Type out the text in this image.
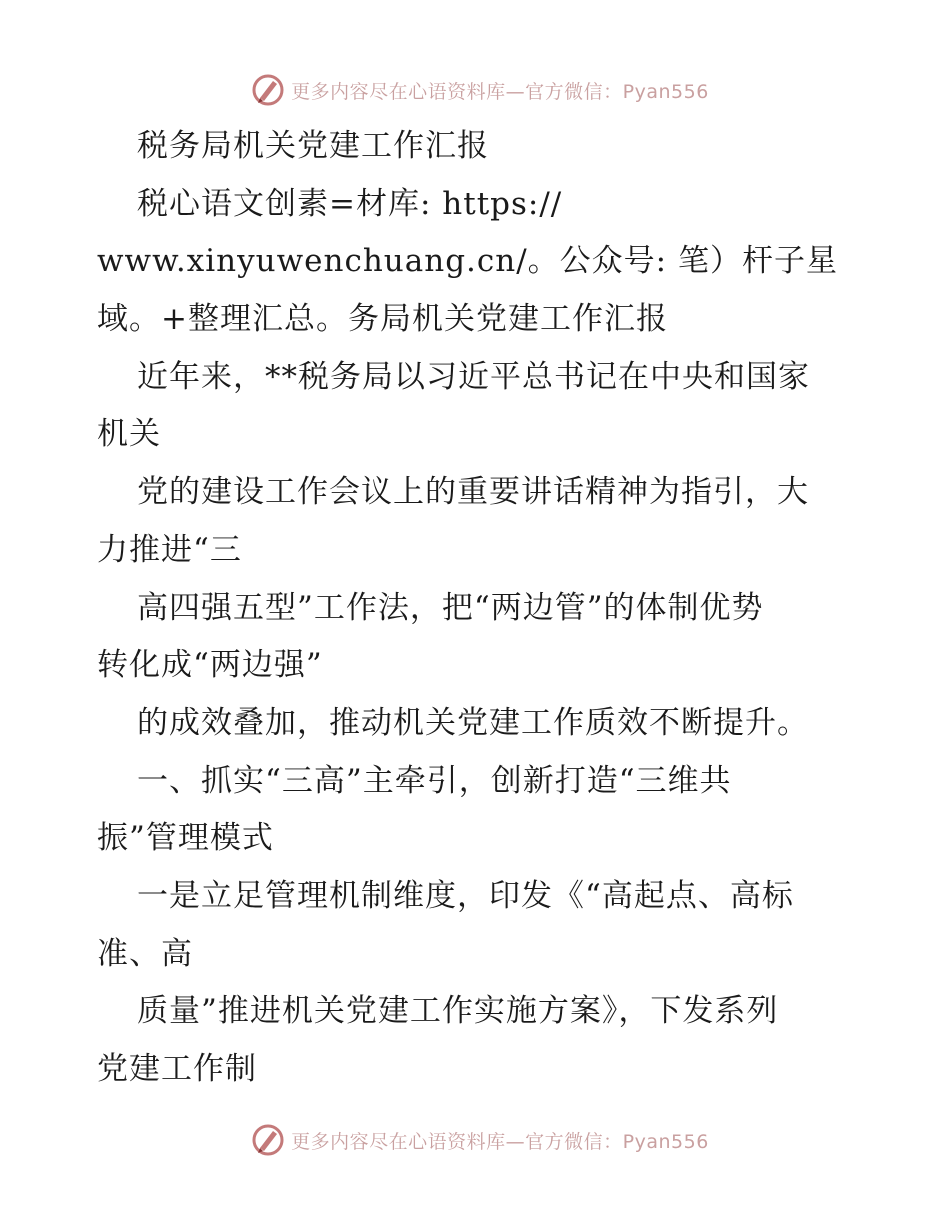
更多内容尽在心语资料库—官方微信：Pyan556
税务局机关党建工作汇报
税心语文创素=材库: https://
www.xinyuwenchuang.cn/。公众号: 笔）杆子星
域。+整理汇总。务局机关党建工作汇报
近年来，**税务局以习近平总书记在中央和国家
机关
党的建设工作会议上的重要讲话精神为指引，大
力推进“三
高四强五型”工作法，把“两边管”的体制优势
转化成“两边强”
的成效叠加，推动机关党建工作质效不断提升。
一、抓实“三高”主牵引，创新打造“三维共
振”管理模式
一是立足管理机制维度，印发《“高起点、高标
准、高
质量”推进机关党建工作实施方案》，下发系列
党建工作制
更多内容尽在心语资料库—官方微信：Pyan556
